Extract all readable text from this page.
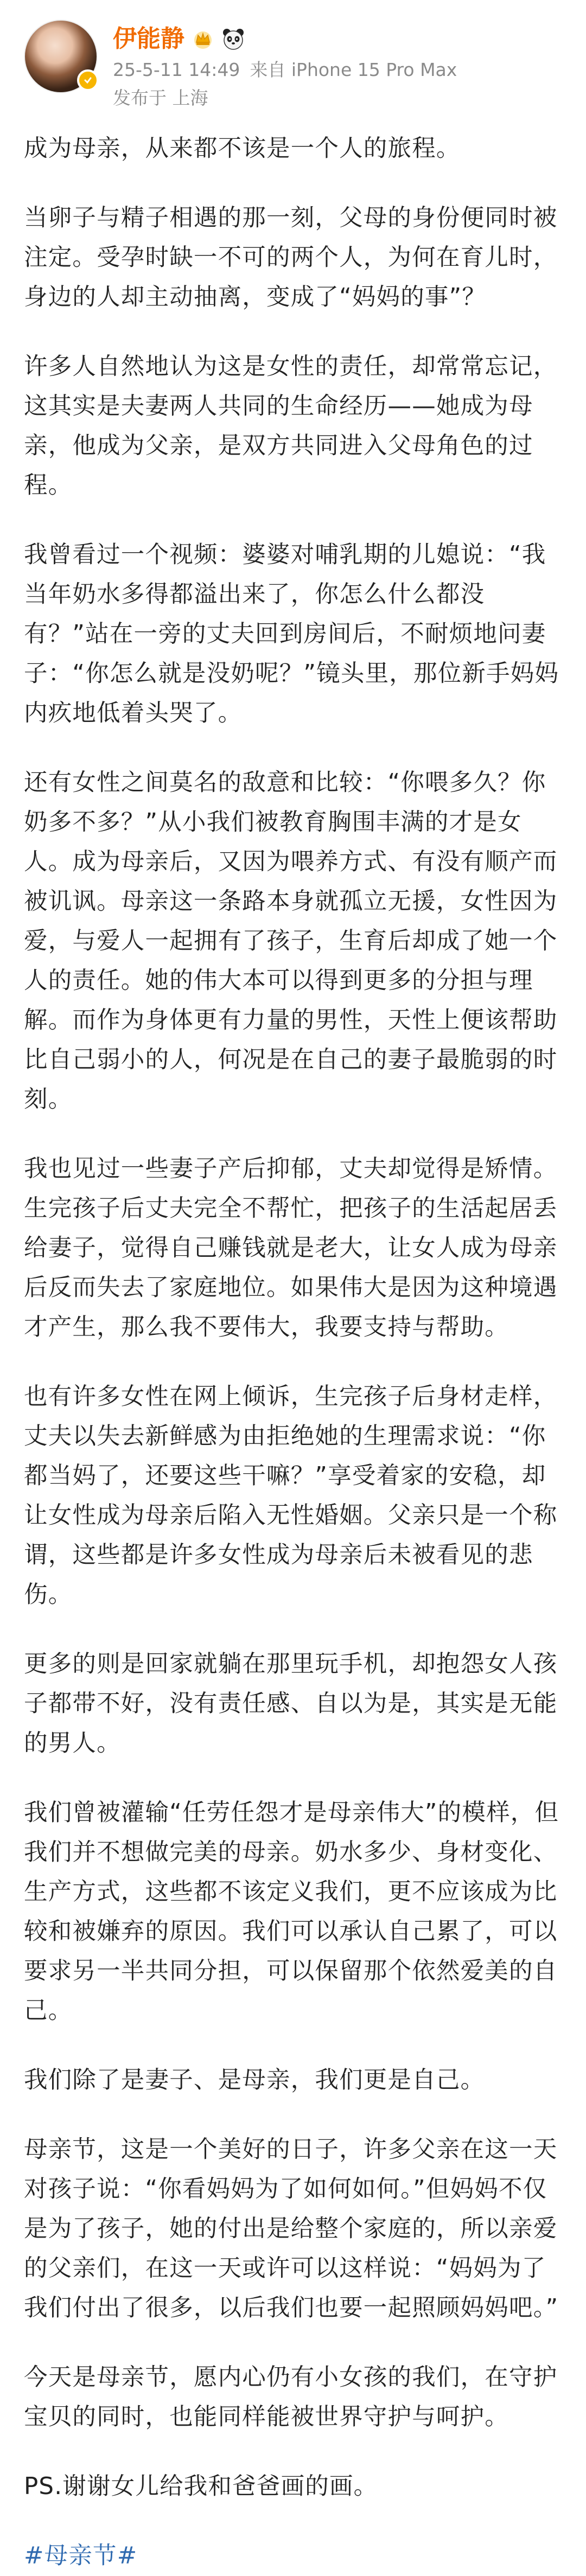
伊能静
25-5-11 14:49 来自 iPhone 15 Pro Max
发布于 上海

成为母亲，从来都不该是一个人的旅程。

当卵子与精子相遇的那一刻，父母的身份便同时被注定。受孕时缺一不可的两个人，为何在育儿时，身边的人却主动抽离，变成了“妈妈的事”？

许多人自然地认为这是女性的责任，却常常忘记，这其实是夫妻两人共同的生命经历——她成为母亲，他成为父亲，是双方共同进入父母角色的过程。

我曾看过一个视频：婆婆对哺乳期的儿媳说：“我当年奶水多得都溢出来了，你怎么什么都没有？”站在一旁的丈夫回到房间后，不耐烦地问妻子：“你怎么就是没奶呢？”镜头里，那位新手妈妈内疚地低着头哭了。

还有女性之间莫名的敌意和比较：“你喂多久？你奶多不多？”从小我们被教育胸围丰满的才是女人。成为母亲后，又因为喂养方式、有没有顺产而被讥讽。母亲这一条路本身就孤立无援，女性因为爱，与爱人一起拥有了孩子，生育后却成了她一个人的责任。她的伟大本可以得到更多的分担与理解。而作为身体更有力量的男性，天性上便该帮助比自己弱小的人，何况是在自己的妻子最脆弱的时刻。

我也见过一些妻子产后抑郁，丈夫却觉得是矫情。生完孩子后丈夫完全不帮忙，把孩子的生活起居丢给妻子，觉得自己赚钱就是老大，让女人成为母亲后反而失去了家庭地位。如果伟大是因为这种境遇才产生，那么我不要伟大，我要支持与帮助。

也有许多女性在网上倾诉，生完孩子后身材走样，丈夫以失去新鲜感为由拒绝她的生理需求说：“你都当妈了，还要这些干嘛？”享受着家的安稳，却让女性成为母亲后陷入无性婚姻。父亲只是一个称谓，这些都是许多女性成为母亲后未被看见的悲伤。

更多的则是回家就躺在那里玩手机，却抱怨女人孩子都带不好，没有责任感、自以为是，其实是无能的男人。

我们曾被灌输“任劳任怨才是母亲伟大”的模样，但我们并不想做完美的母亲。奶水多少、身材变化、生产方式，这些都不该定义我们，更不应该成为比较和被嫌弃的原因。我们可以承认自己累了，可以要求另一半共同分担，可以保留那个依然爱美的自己。

我们除了是妻子、是母亲，我们更是自己。

母亲节，这是一个美好的日子，许多父亲在这一天对孩子说：“你看妈妈为了如何如何。”但妈妈不仅是为了孩子，她的付出是给整个家庭的，所以亲爱的父亲们，在这一天或许可以这样说：“妈妈为了我们付出了很多，以后我们也要一起照顾妈妈吧。”

今天是母亲节，愿内心仍有小女孩的我们，在守护宝贝的同时，也能同样能被世界守护与呵护。

PS.谢谢女儿给我和爸爸画的画。

#母亲节#
